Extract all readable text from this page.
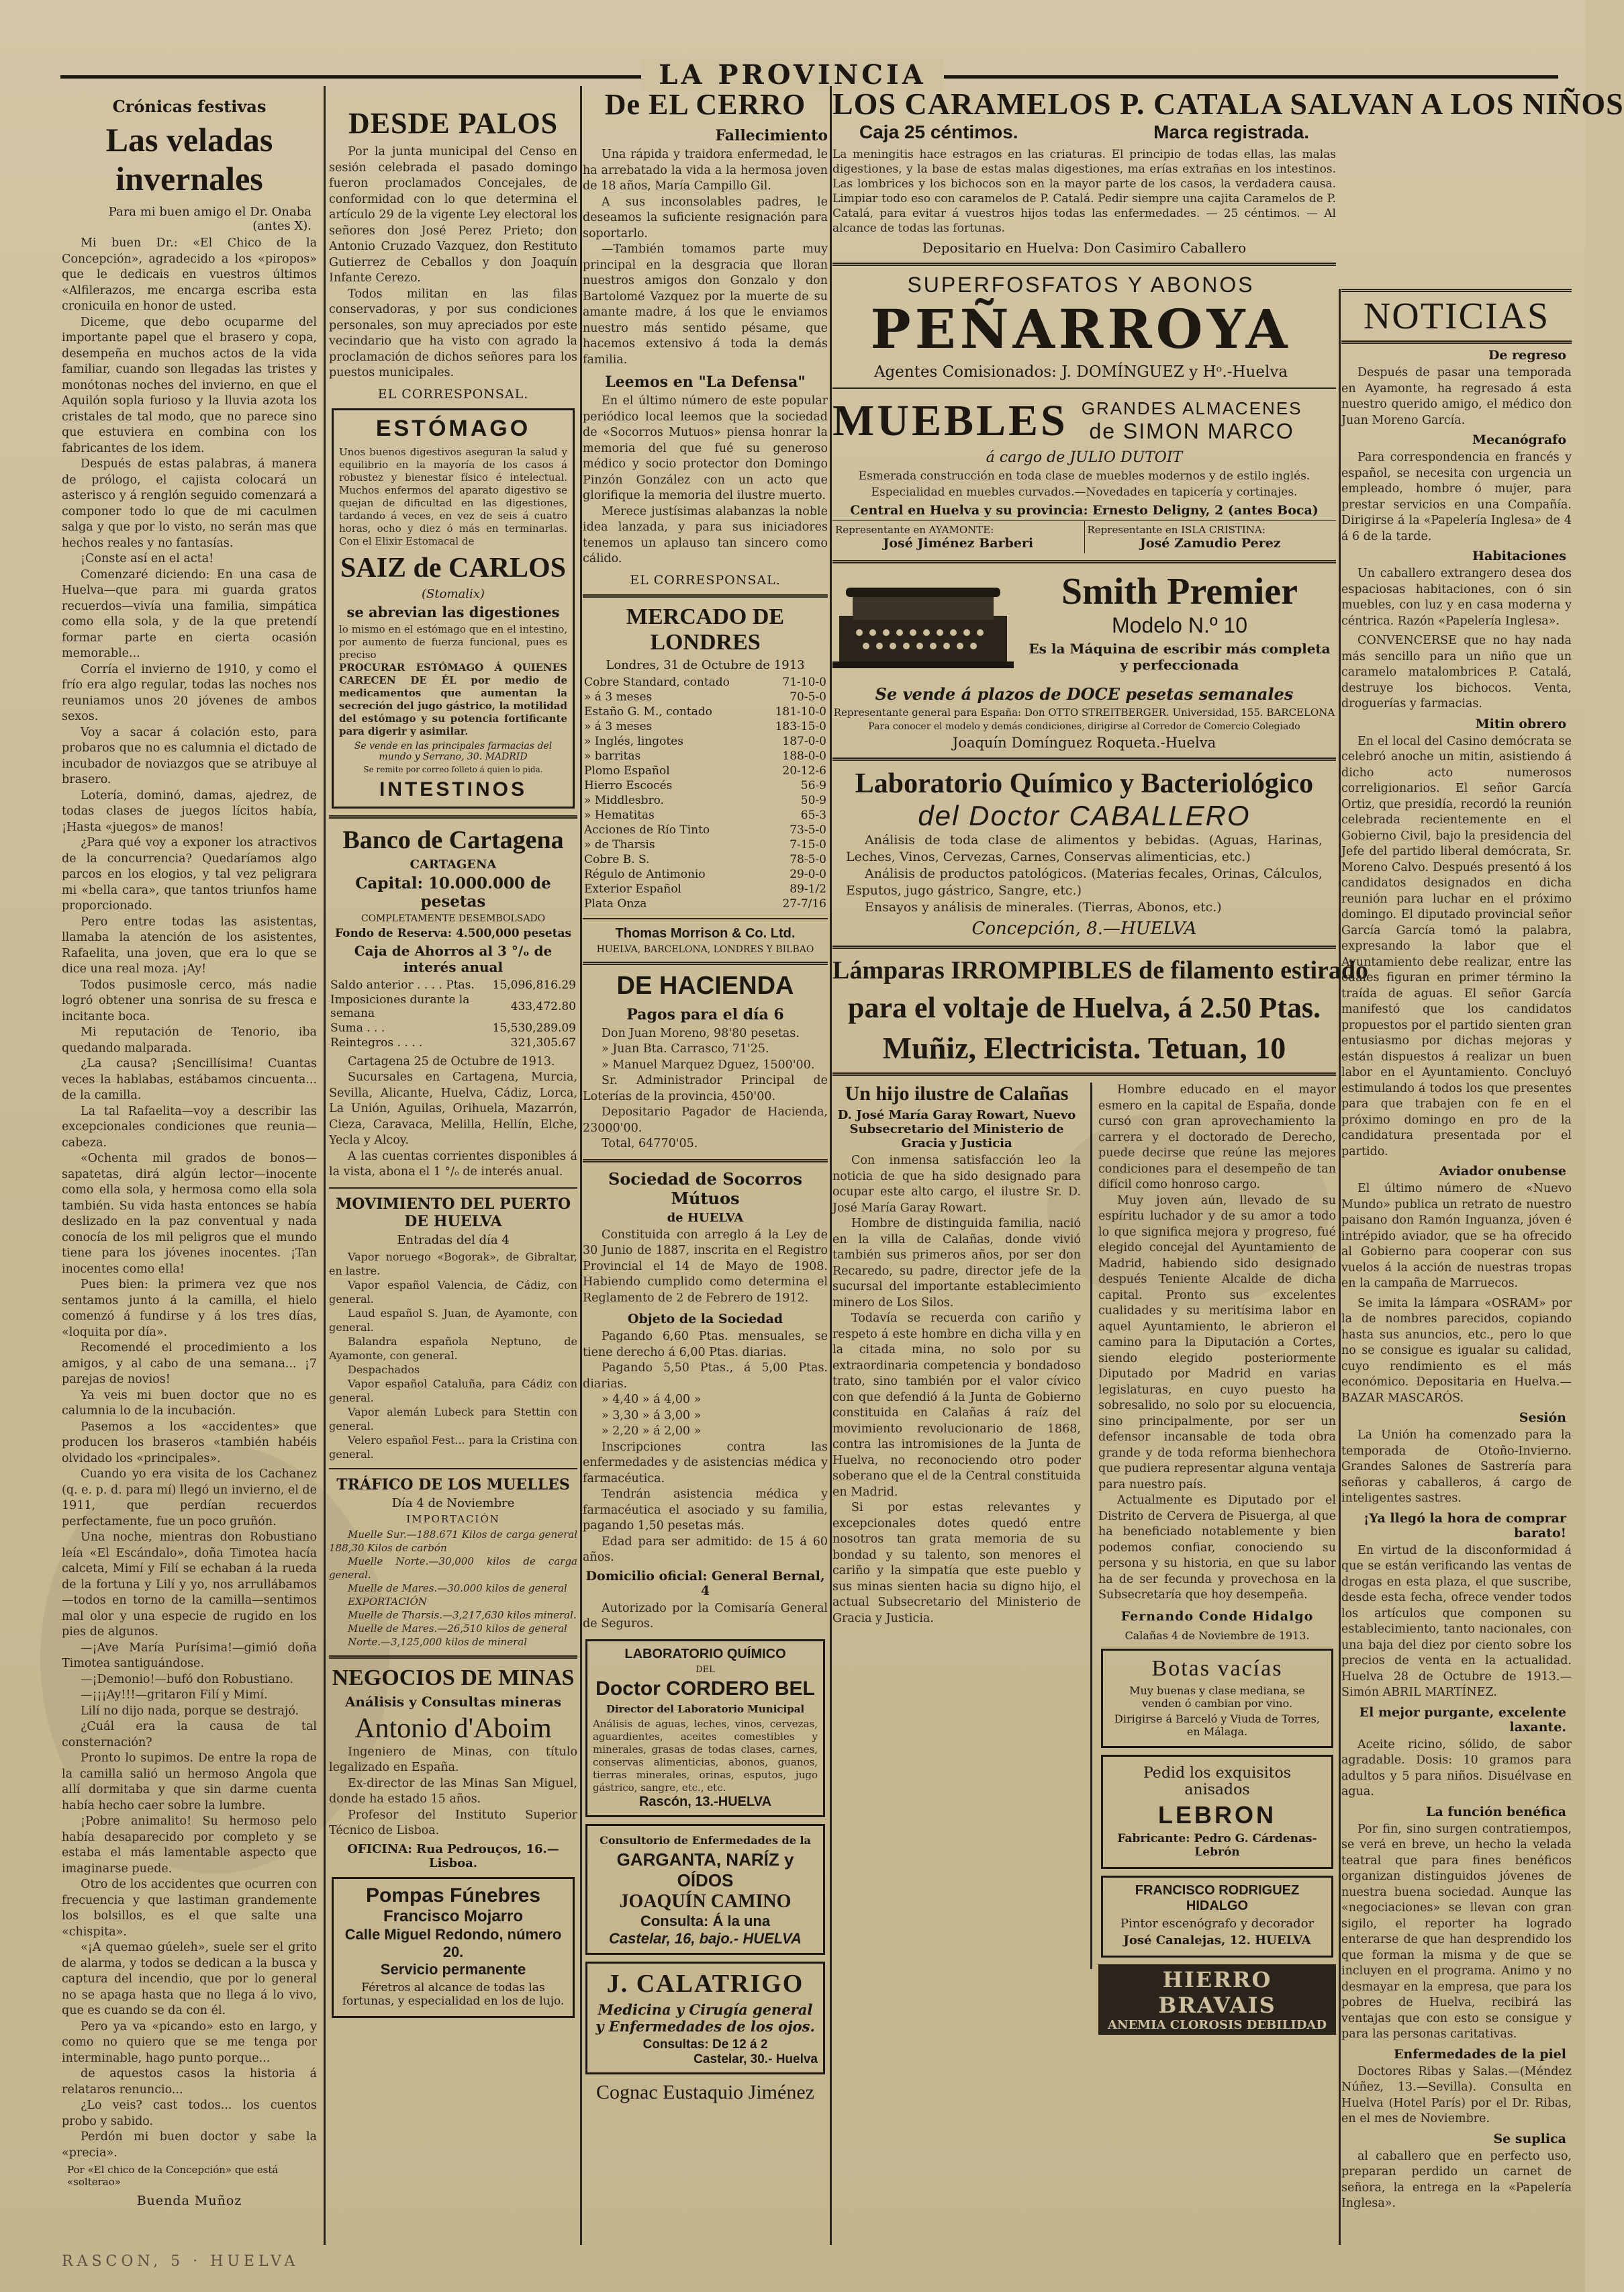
LA PROVINCIA
Crónicas festivas
Las veladas invernales
Para mi buen amigo el Dr. Onaba (antes X).

Mi buen Dr.: «El Chico de la Concepción», agradecido a los «piropos» que le dedicais en vuestros últimos «Alfilerazos, me encarga escriba esta cronicuila en honor de usted.

Diceme, que debo ocuparme del importante papel que el brasero y copa, desempeña en muchos actos de la vida familiar, cuando son llegadas las tristes y monótonas noches del invierno, en que el Aquilón sopla furioso y la lluvia azota los cristales de tal modo, que no parece sino que estuviera en combina con los fabricantes de los idem.

Después de estas palabras, á manera de prólogo, el cajista colocará un asterisco y á renglón seguido comenzará a componer todo lo que de mi caculmen salga y que por lo visto, no serán mas que hechos reales y no fantasías.

¡Conste así en el acta!

Comenzaré diciendo: En una casa de Huelva—que para mi guarda gratos recuerdos—vivía una familia, simpática como ella sola, y de la que pretendí formar parte en cierta ocasión memorable...

Corría el invierno de 1910, y como el frío era algo regular, todas las noches nos reuniamos unos 20 jóvenes de ambos sexos.

Voy a sacar á colación esto, para probaros que no es calumnia el dictado de incubador de noviazgos que se atribuye al brasero.

Lotería, dominó, damas, ajedrez, de todas clases de juegos lícitos había, ¡Hasta «juegos» de manos!

¿Para qué voy a exponer los atractivos de la concurrencia? Quedaríamos algo parcos en los elogios, y tal vez peligrara mi «bella cara», que tantos triunfos hame proporcionado.

Pero entre todas las asistentas, llamaba la atención de los asistentes, Rafaelita, una joven, que era lo que se dice una real moza. ¡Ay!

Todos pusimosle cerco, más nadie logró obtener una sonrisa de su fresca e incitante boca.

Mi reputación de Tenorio, iba quedando malparada.

¿La causa? ¡Sencillísima! Cuantas veces la hablabas, estábamos cincuenta... de la camilla.

La tal Rafaelita—voy a describir las excepcionales condiciones que reunia—cabeza.

«Ochenta mil grados de bonos—sapatetas, dirá algún lector—inocente como ella sola, y hermosa como ella sola también. Su vida hasta entonces se había deslizado en la paz conventual y nada conocía de los mil peligros que el mundo tiene para los jóvenes inocentes. ¡Tan inocentes como ella!

Pues bien: la primera vez que nos sentamos junto á la camilla, el hielo comenzó á fundirse y á los tres días, «loquita por día».

Recomendé el procedimiento a los amigos, y al cabo de una semana... ¡7 parejas de novios!

Ya veis mi buen doctor que no es calumnia lo de la incubación.

Pasemos a los «accidentes» que producen los braseros «también habéis olvidado los «principales».

Cuando yo era visita de los Cachanez (q. e. p. d. para mí) llegó un invierno, el de 1911, que perdían recuerdos perfectamente, fue un poco gruñón.

Una noche, mientras don Robustiano leía «El Escándalo», doña Timotea hacía calceta, Mimí y Filí se echaban á la rueda de la fortuna y Lilí y yo, nos arrullábamos—todos en torno de la camilla—sentimos mal olor y una especie de rugido en los pies de algunos.

—¡Ave María Purísima!—gimió doña Timotea santiguándose.

—¡Demonio!—bufó don Robustiano.

—¡¡¡Ay!!!—gritaron Filí y Mimí.

Lilí no dijo nada, porque se destrajó.

¿Cuál era la causa de tal consternación?

Pronto lo supimos. De entre la ropa de la camilla salió un hermoso Angola que allí dormitaba y que sin darme cuenta había hecho caer sobre la lumbre.

¡Pobre animalito! Su hermoso pelo había desaparecido por completo y se estaba el más lamentable aspecto que imaginarse puede.

Otro de los accidentes que ocurren con frecuencia y que lastiman grandemente los bolsillos, es el que salte una «chispita».

«¡A quemao gúeleh», suele ser el grito de alarma, y todos se dedican a la busca y captura del incendio, que por lo general no se apaga hasta que no llega á lo vivo, que es cuando se da con él.

Pero ya va «picando» esto en largo, y como no quiero que se me tenga por interminable, hago punto porque...

de aquestos casos la historia á relataros renuncio...

¿Lo veis? cast todos... los cuentos probo y sabido.

Perdón mi buen doctor y sabe la «precia».

Por «El chico de la Concepción» que está «solterao»
Buenda Muñoz
DESDE PALOS

Por la junta municipal del Censo en sesión celebrada el pasado domingo fueron proclamados Concejales, de conformidad con lo que determina el artículo 29 de la vigente Ley electoral los señores don José Perez Prieto; don Antonio Cruzado Vazquez, don Restituto Gutierrez de Ceballos y don Joaquín Infante Cerezo.

Todos militan en las filas conservadoras, y por sus condiciones personales, son muy apreciados por este vecindario que ha visto con agrado la proclamación de dichos señores para los puestos municipales.

EL CORRESPONSAL.
ESTÓMAGO
Unos buenos digestivos aseguran la salud y equilibrio en la mayoría de los casos á robustez y bienestar físico é intelectual. Muchos enfermos del aparato digestivo se quejan de dificultad en las digestiones, tardando á veces, en vez de seis á cuatro horas, ocho y diez ó más en terminarlas. Con el Elixir Estomacal de
SAIZ de CARLOS
(Stomalix)
se abrevian las digestiones
lo mismo en el estómago que en el intestino, por aumento de fuerza funcional, pues es preciso
PROCURAR ESTÓMAGO Á QUIENES CARECEN DE ÉL por medio de medicamentos que aumentan la secreción del jugo gástrico, la motilidad del estómago y su potencia fortificante para digerir y asimilar.
Se vende en las principales farmacias del mundo y Serrano, 30. MADRID
Se remite por correo folleto á quien lo pida.
INTESTINOS
Banco de Cartagena
CARTAGENA
Capital: 10.000.000 de pesetas
COMPLETAMENTE DESEMBOLSADO
Fondo de Reserva: 4.500,000 pesetas
Caja de Ahorros al 3 °/ₒ de interés anual
Saldo anterior . . . . Ptas.	15,096,816.29
Imposiciones durante la semana	433,472.80
Suma . . .	15,530,289.09
Reintegros . . . .	321,305.67

Cartagena 25 de Octubre de 1913.

Sucursales en Cartagena, Murcia, Sevilla, Alicante, Huelva, Cádiz, Lorca, La Unión, Aguilas, Orihuela, Mazarrón, Cieza, Caravaca, Melilla, Hellín, Elche, Yecla y Alcoy.

A las cuentas corrientes disponibles á la vista, abona el 1 °/ₒ de interés anual.

MOVIMIENTO DEL PUERTO DE HUELVA
Entradas del día 4

Vapor noruego «Bogorak», de Gibraltar, en lastre.

Vapor español Valencia, de Cádiz, con general.

Laud español S. Juan, de Ayamonte, con general.

Balandra española Neptuno, de Ayamonte, con general.

Despachados

Vapor español Cataluña, para Cádiz con general.

Vapor alemán Lubeck para Stettin con general.

Velero español Fest... para la Cristina con general.

TRÁFICO DE LOS MUELLES
Día 4 de Noviembre
IMPORTACIÓN

Muelle Sur.—188.671 Kilos de carga general 188,30 Kilos de carbón

Muelle Norte.—30,000 kilos de carga general.

Muelle de Mares.—30.000 kilos de general

EXPORTACIÓN

Muelle de Tharsis.—3,217,630 kilos mineral.

Muelle de Mares.—26,510 kilos de general

Norte.—3,125,000 kilos de mineral

NEGOCIOS DE MINAS
Análisis y Consultas mineras
Antonio d'Aboim

Ingeniero de Minas, con título legalizado en España.

Ex-director de las Minas San Miguel, donde ha estado 15 años.

Profesor del Instituto Superior Técnico de Lisboa.

OFICINA: Rua Pedrouços, 16.— Lisboa.
Pompas Fúnebres
Francisco Mojarro
Calle Miguel Redondo, número 20.
Servicio permanente
Féretros al alcance de todas las fortunas, y especialidad en los de lujo.
De EL CERRO
Fallecimiento

Una rápida y traidora enfermedad, le ha arrebatado la vida a la hermosa joven de 18 años, María Campillo Gil.

A sus inconsolables padres, le deseamos la suficiente resignación para soportarlo.

—También tomamos parte muy principal en la desgracia que lloran nuestros amigos don Gonzalo y don Bartolomé Vazquez por la muerte de su amante madre, á los que le enviamos nuestro más sentido pésame, que hacemos extensivo á toda la demás familia.

Leemos en "La Defensa"

En el último número de este popular periódico local leemos que la sociedad de «Socorros Mutuos» piensa honrar la memoria del que fué su generoso médico y socio protector don Domingo Pinzón González con un acto que glorifique la memoria del ilustre muerto.

Merece justísimas alabanzas la noble idea lanzada, y para sus iniciadores tenemos un aplauso tan sincero como cálido.

EL CORRESPONSAL.
MERCADO DE LONDRES
Londres, 31 de Octubre de 1913
Cobre Standard, contado	71-10-0
» á 3 meses	70-5-0
Estaño G. M., contado	181-10-0
» á 3 meses	183-15-0
» Inglés, lingotes	187-0-0
» barritas	188-0-0
Plomo Español	20-12-6
Hierro Escocés	56-9
» Middlesbro.	50-9
» Hematitas	65-3
Acciones de Río Tinto	73-5-0
» de Tharsis	7-15-0
Cobre B. S.	78-5-0
Régulo de Antimonio	29-0-0
Exterior Español	89-1/2
Plata Onza	27-7/16
Thomas Morrison & Co. Ltd.
HUELVA, BARCELONA, LONDRES Y BILBAO
DE HACIENDA
Pagos para el día 6

Don Juan Moreno, 98'80 pesetas.

» Juan Bta. Carrasco, 71'25.

» Manuel Marquez Dguez, 1500'00.

Sr. Administrador Principal de Loterías de la provincia, 450'00.

Depositario Pagador de Hacienda, 23000'00.

Total, 64770'05.

Sociedad de Socorros Mútuos
de HUELVA

Constituida con arreglo á la Ley de 30 Junio de 1887, inscrita en el Registro Provincial el 14 de Mayo de 1908. Habiendo cumplido como determina el Reglamento de 2 de Febrero de 1912.

Objeto de la Sociedad

Pagando 6,60 Ptas. mensuales, se tiene derecho á 6,00 Ptas. diarias.

Pagando 5,50 Ptas., á 5,00 Ptas. diarias.

» 4,40 » á 4,00 »

» 3,30 » á 3,00 »

» 2,20 » á 2,00 »

Inscripciones contra las enfermedades y de asistencias médica y farmacéutica.

Tendrán asistencia médica y farmacéutica el asociado y su familia, pagando 1,50 pesetas más.

Edad para ser admitido: de 15 á 60 años.

Domicilio oficial: General Bernal, 4

Autorizado por la Comisaría General de Seguros.

LABORATORIO QUÍMICO
DEL
Doctor CORDERO BEL
Director del Laboratorio Municipal
Análisis de aguas, leches, vinos, cervezas, aguardientes, aceites comestibles y minerales, grasas de todas clases, carnes, conservas alimenticias, abonos, guanos, tierras minerales, orinas, esputos, jugo gástrico, sangre, etc., etc.
Rascón, 13.-HUELVA
Consultorio de Enfermedades de la
GARGANTA, NARÍZ y OÍDOS
JOAQUÍN CAMINO
Consulta: Á la una
Castelar, 16, bajo.- HUELVA
J. CALATRIGO
Medicina y Cirugía general y Enfermedades de los ojos.
Consultas: De 12 á 2
Castelar, 30.- Huelva
Cognac Eustaquio Jiménez
LOS CARAMELOS P. CATALA SALVAN A LOS NIÑOS
Caja 25 céntimos.	Marca registrada.
La meningitis hace estragos en las criaturas. El principio de todas ellas, las malas digestiones, y la base de estas malas digestiones, ma erías extrañas en los intestinos. Las lombrices y los bichocos son en la mayor parte de los casos, la verdadera causa. Limpiar todo eso con caramelos de P. Catalá. Pedir siempre una cajita Caramelos de P. Catalá, para evitar á vuestros hijos todas las enfermedades. — 25 céntimos. — Al alcance de todas las fortunas.
Depositario en Huelva: Don Casimiro Caballero
SUPERFOSFATOS Y ABONOS
PEÑARROYA
Agentes Comisionados: J. DOMÍNGUEZ y Hᵒ.-Huelva
MUEBLES GRANDES ALMACENES
de SIMON MARCO
á cargo de JULIO DUTOIT
Esmerada construcción en toda clase de muebles modernos y de estilo inglés. Especialidad en muebles curvados.—Novedades en tapicería y cortinajes.
Central en Huelva y su provincia: Ernesto Deligny, 2 (antes Boca)
Representante en AYAMONTE:
José Jiménez Barberi
Representante en ISLA CRISTINA:
José Zamudio Perez
Smith Premier
Modelo N.º 10
Es la Máquina de escribir más completa y perfeccionada
Se vende á plazos de DOCE pesetas semanales
Representante general para España: Don OTTO STREITBERGER. Universidad, 155. BARCELONA
Para conocer el modelo y demás condiciones, dirigirse al Corredor de Comercio Colegiado
Joaquín Domínguez Roqueta.-Huelva
Laboratorio Químico y Bacteriológico
del Doctor CABALLERO

Análisis de toda clase de alimentos y bebidas. (Aguas, Harinas, Leches, Vinos, Cervezas, Carnes, Conservas alimenticias, etc.)

Análisis de productos patológicos. (Materias fecales, Orinas, Cálculos, Esputos, jugo gástrico, Sangre, etc.)

Ensayos y análisis de minerales. (Tierras, Abonos, etc.)

Concepción, 8.—HUELVA
Lámparas IRROMPIBLES de filamento estirado
para el voltaje de Huelva, á 2.50 Ptas.
Muñiz, Electricista. Tetuan, 10
Un hijo ilustre de Calañas
D. José María Garay Rowart, Nuevo Subsecretario del Ministerio de Gracia y Justicia

Con inmensa satisfacción leo la noticia de que ha sido designado para ocupar este alto cargo, el ilustre Sr. D. José María Garay Rowart.

Hombre de distinguida familia, nació en la villa de Calañas, donde vivió también sus primeros años, por ser don Recaredo, su padre, director jefe de la sucursal del importante establecimiento minero de Los Silos.

Todavía se recuerda con cariño y respeto á este hombre en dicha villa y en la citada mina, no solo por su extraordinaria competencia y bondadoso trato, sino también por el valor cívico con que defendió á la Junta de Gobierno constituida en Calañas á raíz del movimiento revolucionario de 1868, contra las intromisiones de la Junta de Huelva, no reconociendo otro poder soberano que el de la Central constituida en Madrid.

Si por estas relevantes y excepcionales dotes quedó entre nosotros tan grata memoria de su bondad y su talento, son menores el cariño y la simpatía que este pueblo y sus minas sienten hacia su digno hijo, el actual Subsecretario del Ministerio de Gracia y Justicia.

Hombre educado en el mayor esmero en la capital de España, donde cursó con gran aprovechamiento la carrera y el doctorado de Derecho, puede decirse que reúne las mejores condiciones para el desempeño de tan difícil como honroso cargo.

Muy joven aún, llevado de su espíritu luchador y de su amor a todo lo que significa mejora y progreso, fué elegido concejal del Ayuntamiento de Madrid, habiendo sido designado después Teniente Alcalde de dicha capital. Pronto sus excelentes cualidades y su meritísima labor en aquel Ayuntamiento, le abrieron el camino para la Diputación a Cortes, siendo elegido posteriormente Diputado por Madrid en varias legislaturas, en cuyo puesto ha sobresalido, no solo por su elocuencia, sino principalmente, por ser un defensor incansable de toda obra grande y de toda reforma bienhechora que pudiera representar alguna ventaja para nuestro país.

Actualmente es Diputado por el Distrito de Cervera de Pisuerga, al que ha beneficiado notablemente y bien podemos confiar, conociendo su persona y su historia, en que su labor ha de ser fecunda y provechosa en la Subsecretaría que hoy desempeña.

Fernando Conde Hidalgo
Calañas 4 de Noviembre de 1913.
Botas vacías
Muy buenas y clase mediana, se venden ó cambian por vino.
Dirigirse á Barceló y Viuda de Torres, en Málaga.
Pedid los exquisitos anisados
LEBRON
Fabricante: Pedro G. Cárdenas-Lebrón
FRANCISCO RODRIGUEZ HIDALGO
Pintor escenógrafo y decorador
José Canalejas, 12. HUELVA
HIERRO BRAVAIS
ANEMIA CLOROSIS DEBILIDAD
NOTICIAS
De regreso
Después de pasar una temporada en Ayamonte, ha regresado á esta nuestro querido amigo, el médico don Juan Moreno García.
Mecanógrafo
Para correspondencia en francés y español, se necesita con urgencia un empleado, hombre ó mujer, para prestar servicios en una Compañía. Dirigirse á la «Papelería Inglesa» de 4 á 6 de la tarde.
Habitaciones
Un caballero extrangero desea dos espaciosas habitaciones, con ó sin muebles, con luz y en casa moderna y céntrica. Razón «Papelería Inglesa».
CONVENCERSE que no hay nada más sencillo para un niño que un caramelo matalombrices P. Catalá, destruye los bichocos. Venta, droguerías y farmacias.
Mitin obrero
En el local del Casino demócrata se celebró anoche un mitin, asistiendo á dicho acto numerosos correligionarios. El señor García Ortiz, que presidía, recordó la reunión celebrada recientemente en el Gobierno Civil, bajo la presidencia del Jefe del partido liberal demócrata, Sr. Moreno Calvo. Después presentó á los candidatos designados en dicha reunión para luchar en el próximo domingo. El diputado provincial señor García García tomó la palabra, expresando la labor que el Ayuntamiento debe realizar, entre las cuales figuran en primer término la traída de aguas. El señor García manifestó que los candidatos propuestos por el partido sienten gran entusiasmo por dichas mejoras y están dispuestos á realizar un buen labor en el Ayuntamiento. Concluyó estimulando á todos los que presentes para que trabajen con fe en el próximo domingo en pro de la candidatura presentada por el partido.
Aviador onubense
El último número de «Nuevo Mundo» publica un retrato de nuestro paisano don Ramón Inguanza, jóven é intrépido aviador, que se ha ofrecido al Gobierno para cooperar con sus vuelos á la acción de nuestras tropas en la campaña de Marruecos.
Se imita la lámpara «OSRAM» por la de nombres parecidos, copiando hasta sus anuncios, etc., pero lo que no se consigue es igualar su calidad, cuyo rendimiento es el más económico. Depositaria en Huelva.—BAZAR MASCARÓS.
Sesión
La Unión ha comenzado para la temporada de Otoño-Invierno. Grandes Salones de Sastrería para señoras y caballeros, á cargo de inteligentes sastres.
¡Ya llegó la hora de comprar barato!
En virtud de la disconformidad á que se están verificando las ventas de drogas en esta plaza, el que suscribe, desde esta fecha, ofrece vender todos los artículos que componen su establecimiento, tanto nacionales, con una baja del diez por ciento sobre los precios de venta en la actualidad. Huelva 28 de Octubre de 1913.—Simón ABRIL MARTÍNEZ.
El mejor purgante, excelente laxante.
Aceite ricino, sólido, de sabor agradable. Dosis: 10 gramos para adultos y 5 para niños. Disuélvase en agua.
La función benéfica
Por fin, sino surgen contratiempos, se verá en breve, un hecho la velada teatral que para fines benéficos organizan distinguidos jóvenes de nuestra buena sociedad. Aunque las «negociaciones» se llevan con gran sigilo, el reporter ha logrado enterarse de que han desprendido los que forman la misma y de que se incluyen en el programa. Animo y no desmayar en la empresa, que para los pobres de Huelva, recibirá las ventajas que con esto se consigue y para las personas caritativas.
Enfermedades de la piel
Doctores Ribas y Salas.—(Méndez Núñez, 13.—Sevilla). Consulta en Huelva (Hotel París) por el Dr. Ribas, en el mes de Noviembre.
Se suplica
al caballero que en perfecto uso, preparan perdido un carnet de señora, la entrega en la «Papelería Inglesa».
RASCON, 5 · HUELVA
